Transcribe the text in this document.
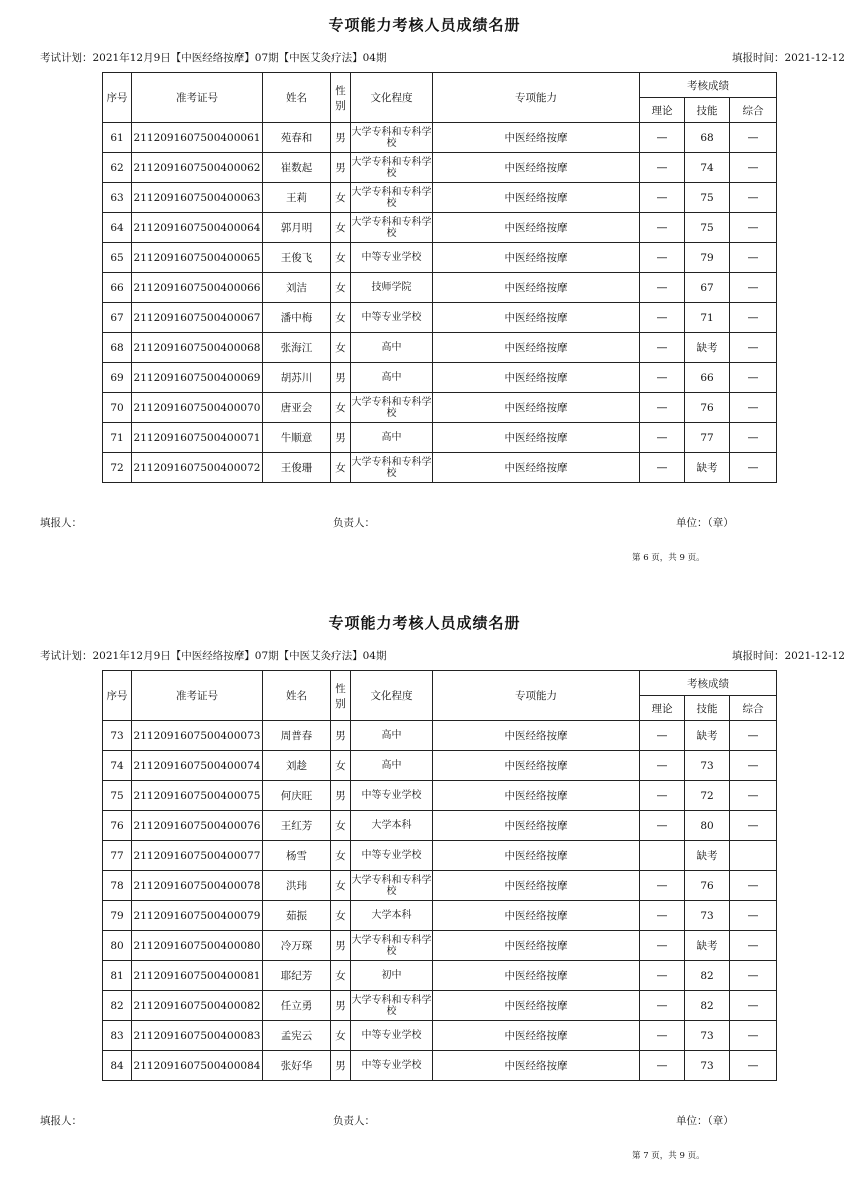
专项能力考核人员成绩名册
考试计划：2021年12月9日【中医经络按摩】07期【中医艾灸疗法】04期	填报时间：2021-12-12
序号	准考证号	姓名	性别	文化程度	专项能力	考核成绩		
						理论	技能	综合
61	2112091607500400061	苑春和	男	大学专科和专科学校	中医经络按摩	—	68	—
62	2112091607500400062	崔数起	男	大学专科和专科学校	中医经络按摩	—	74	—
63	2112091607500400063	王莉	女	大学专科和专科学校	中医经络按摩	—	75	—
64	2112091607500400064	郭月明	女	大学专科和专科学校	中医经络按摩	—	75	—
65	2112091607500400065	王俊飞	女	中等专业学校	中医经络按摩	—	79	—
66	2112091607500400066	刘洁	女	技师学院	中医经络按摩	—	67	—
67	2112091607500400067	潘中梅	女	中等专业学校	中医经络按摩	—	71	—
68	2112091607500400068	张海江	女	高中	中医经络按摩	—	缺考	—
69	2112091607500400069	胡苏川	男	高中	中医经络按摩	—	66	—
70	2112091607500400070	唐亚会	女	大学专科和专科学校	中医经络按摩	—	76	—
71	2112091607500400071	牛顺意	男	高中	中医经络按摩	—	77	—
72	2112091607500400072	王俊珊	女	大学专科和专科学校	中医经络按摩	—	缺考	—
填报人：	负责人：	单位：（章）
第 6 页，共 9 页。
专项能力考核人员成绩名册
考试计划：2021年12月9日【中医经络按摩】07期【中医艾灸疗法】04期	填报时间：2021-12-12
序号	准考证号	姓名	性别	文化程度	专项能力	考核成绩		
						理论	技能	综合
73	2112091607500400073	周普春	男	高中	中医经络按摩	—	缺考	—
74	2112091607500400074	刘趁	女	高中	中医经络按摩	—	73	—
75	2112091607500400075	何庆旺	男	中等专业学校	中医经络按摩	—	72	—
76	2112091607500400076	王红芳	女	大学本科	中医经络按摩	—	80	—
77	2112091607500400077	杨雪	女	中等专业学校	中医经络按摩		缺考	
78	2112091607500400078	洪玮	女	大学专科和专科学校	中医经络按摩	—	76	—
79	2112091607500400079	茹振	女	大学本科	中医经络按摩	—	73	—
80	2112091607500400080	冷万琛	男	大学专科和专科学校	中医经络按摩	—	缺考	—
81	2112091607500400081	耶纪芳	女	初中	中医经络按摩	—	82	—
82	2112091607500400082	任立勇	男	大学专科和专科学校	中医经络按摩	—	82	—
83	2112091607500400083	孟宪云	女	中等专业学校	中医经络按摩	—	73	—
84	2112091607500400084	张好华	男	中等专业学校	中医经络按摩	—	73	—
填报人：	负责人：	单位：（章）
第 7 页，共 9 页。
